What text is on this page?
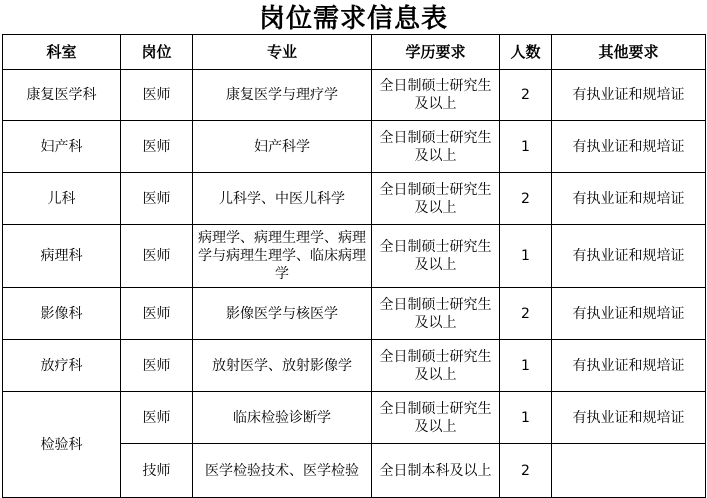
岗位需求信息表
科室	岗位	专业	学历要求	人数	其他要求
康复医学科	医师	康复医学与理疗学	全日制硕士研究生及以上	2	有执业证和规培证
妇产科	医师	妇产科学	全日制硕士研究生及以上	1	有执业证和规培证
儿科	医师	儿科学、中医儿科学	全日制硕士研究生及以上	2	有执业证和规培证
病理科	医师	病理学、病理生理学、病理学与病理生理学、临床病理学	全日制硕士研究生及以上	1	有执业证和规培证
影像科	医师	影像医学与核医学	全日制硕士研究生及以上	2	有执业证和规培证
放疗科	医师	放射医学、放射影像学	全日制硕士研究生及以上	1	有执业证和规培证
检验科	医师	临床检验诊断学	全日制硕士研究生及以上	1	有执业证和规培证
	技师	医学检验技术、医学检验	全日制本科及以上	2	
